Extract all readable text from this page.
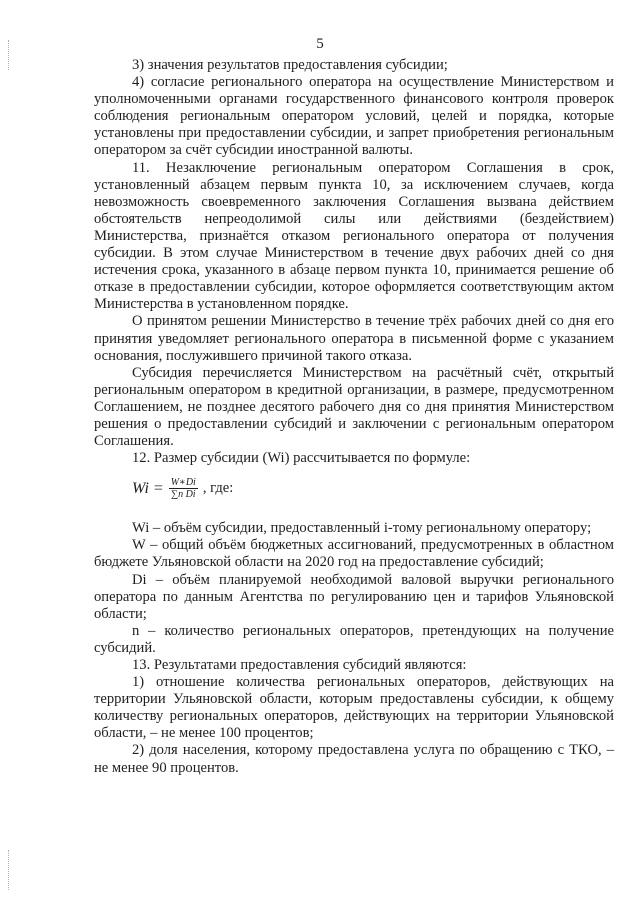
5

3) значения результатов предоставления субсидии;

4) согласие регионального оператора на осуществление Министерством и уполномоченными органами государственного финансового контроля проверок соблюдения региональным оператором условий, целей и порядка, которые установлены при предоставлении субсидии, и запрет приобретения региональным оператором за счёт субсидии иностранной валюты.

11. Незаключение региональным оператором Соглашения в срок, установленный абзацем первым пункта 10, за исключением случаев, когда невозможность своевременного заключения Соглашения вызвана действием обстоятельств непреодолимой силы или действиями (бездействием) Министерства, признаётся отказом регионального оператора от получения субсидии. В этом случае Министерством в течение двух рабочих дней со дня истечения срока, указанного в абзаце первом пункта 10, принимается решение об отказе в предоставлении субсидии, которое оформляется соответствующим актом Министерства в установленном порядке.

О принятом решении Министерство в течение трёх рабочих дней со дня его принятия уведомляет регионального оператора в письменной форме с указанием основания, послужившего причиной такого отказа.

Субсидия перечисляется Министерством на расчётный счёт, открытый региональным оператором в кредитной организации, в размере, предусмотренном Соглашением, не позднее десятого рабочего дня со дня принятия Министерством решения о предоставлении субсидий и заключении с региональным оператором Соглашения.

12. Размер субсидии (Wi) рассчитывается по формуле:

$Wi = \frac{W∗Di}{\text{∑n Di}}$ , где:

Wi – объём субсидии, предоставленный i-тому региональному оператору;

W – общий объём бюджетных ассигнований, предусмотренных в областном бюджете Ульяновской области на 2020 год на предоставление субсидий;

Di – объём планируемой необходимой валовой выручки регионального оператора по данным Агентства по регулированию цен и тарифов Ульяновской области;

n – количество региональных операторов, претендующих на получение субсидий.

13. Результатами предоставления субсидий являются:

1) отношение количества региональных операторов, действующих на территории Ульяновской области, которым предоставлены субсидии, к общему количеству региональных операторов, действующих на территории Ульяновской области, – не менее 100 процентов;

2) доля населения, которому предоставлена услуга по обращению с ТКО, – не менее 90 процентов.
